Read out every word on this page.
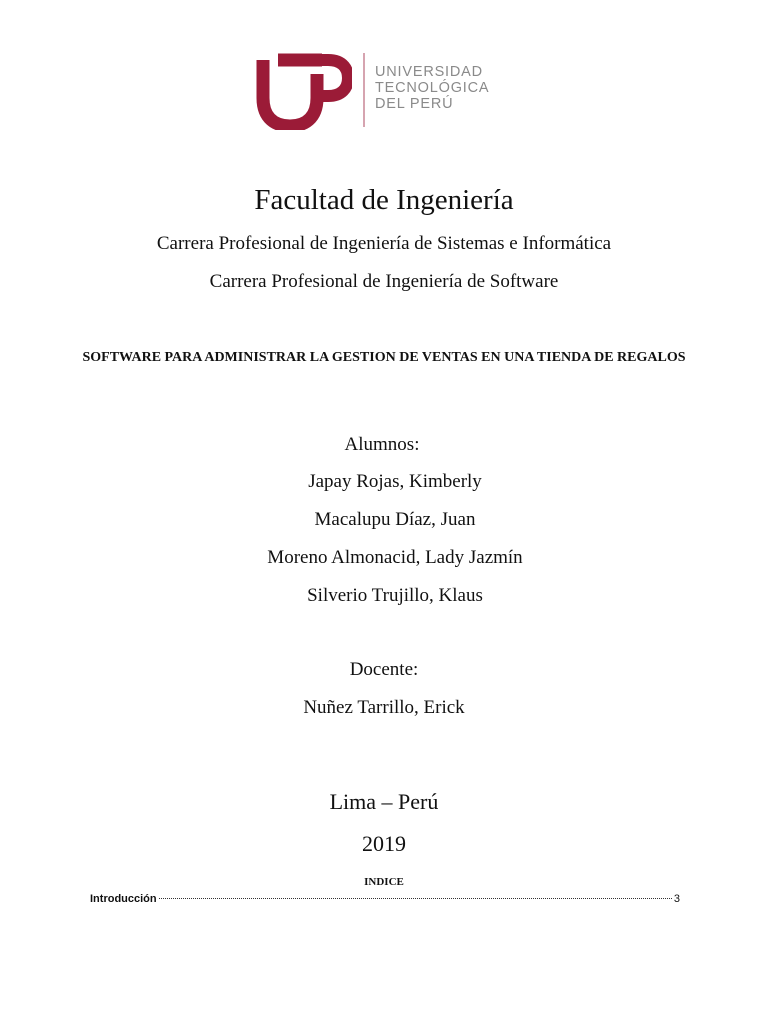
UNIVERSIDAD
TECNOLÓGICA
DEL PERÚ
Facultad de Ingeniería
Carrera Profesional de Ingeniería de Sistemas e Informática
Carrera Profesional de Ingeniería de Software
SOFTWARE PARA ADMINISTRAR LA GESTION DE VENTAS EN UNA TIENDA DE REGALOS
Alumnos:
Japay Rojas, Kimberly
Macalupu Díaz, Juan
Moreno Almonacid, Lady Jazmín
Silverio Trujillo, Klaus
Docente:
Nuñez Tarrillo, Erick
Lima – Perú
2019
INDICE
Introducción	3
